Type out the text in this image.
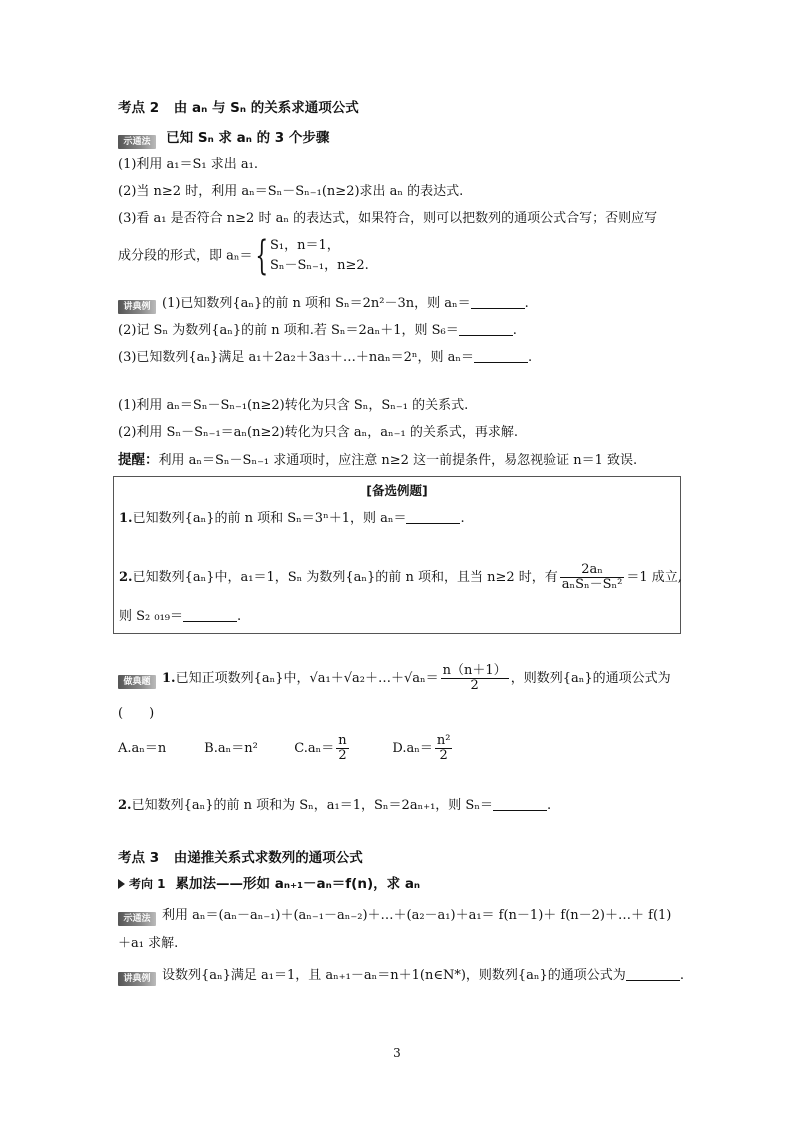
考点 2 由 aₙ 与 Sₙ 的关系求通项公式
示通法 已知 Sₙ 求 aₙ 的 3 个步骤
(1)利用 a₁＝S₁ 求出 a₁.
(2)当 n≥2 时，利用 aₙ＝Sₙ－Sₙ₋₁(n≥2)求出 aₙ 的表达式.
(3)看 a₁ 是否符合 n≥2 时 aₙ 的表达式，如果符合，则可以把数列的通项公式合写；否则应写
成分段的形式，即 aₙ＝{ S₁，n＝1，
Sₙ－Sₙ₋₁，n≥2.
讲典例 (1)已知数列{aₙ}的前 n 项和 Sₙ＝2n²－3n，则 aₙ＝	.
(2)记 Sₙ 为数列{aₙ}的前 n 项和.若 Sₙ＝2aₙ＋1，则 S₆＝	.
(3)已知数列{aₙ}满足 a₁＋2a₂＋3a₃＋…＋naₙ＝2ⁿ，则 aₙ＝	.
(1)利用 aₙ＝Sₙ－Sₙ₋₁(n≥2)转化为只含 Sₙ，Sₙ₋₁ 的关系式.
(2)利用 Sₙ－Sₙ₋₁＝aₙ(n≥2)转化为只含 aₙ，aₙ₋₁ 的关系式，再求解.
提醒：利用 aₙ＝Sₙ－Sₙ₋₁ 求通项时，应注意 n≥2 这一前提条件，易忽视验证 n＝1 致误.
[备选例题]
1.已知数列{aₙ}的前 n 项和 Sₙ＝3ⁿ＋1，则 aₙ＝	.
2.已知数列{aₙ}中，a₁＝1，Sₙ 为数列{aₙ}的前 n 项和，且当 n≥2 时，有 $\frac{\text{2aₙ}}{\text{aₙSₙ－Sₙ²}} =1$ 成立,
则 S₂ ₀₁₉＝	.
做典题 1.已知正项数列{aₙ}中，√a₁＋√a₂＋…＋√aₙ＝ $\frac{n(n+1)}{2}$ ，则数列{aₙ}的通项公式为
(　　)
A.aₙ＝n	B.aₙ＝n²	$C.a_n= \frac{n}{2}$	$D.a_n= \frac{\text{n²}}{2}$
2.已知数列{aₙ}的前 n 项和为 Sₙ，a₁＝1，Sₙ＝2aₙ₊₁，则 Sₙ＝	.
考点 3 由递推关系式求数列的通项公式
考向 1 累加法——形如 aₙ₊₁－aₙ＝f(n)，求 aₙ
示通法 利用 aₙ＝(aₙ－aₙ₋₁)＋(aₙ₋₁－aₙ₋₂)＋…＋(a₂－a₁)＋a₁＝ f(n－1)＋ f(n－2)＋…＋ f(1)
＋a₁ 求解.
讲典例 设数列{aₙ}满足 a₁＝1，且 aₙ₊₁－aₙ＝n＋1(n∈N*)，则数列{aₙ}的通项公式为	.
3
